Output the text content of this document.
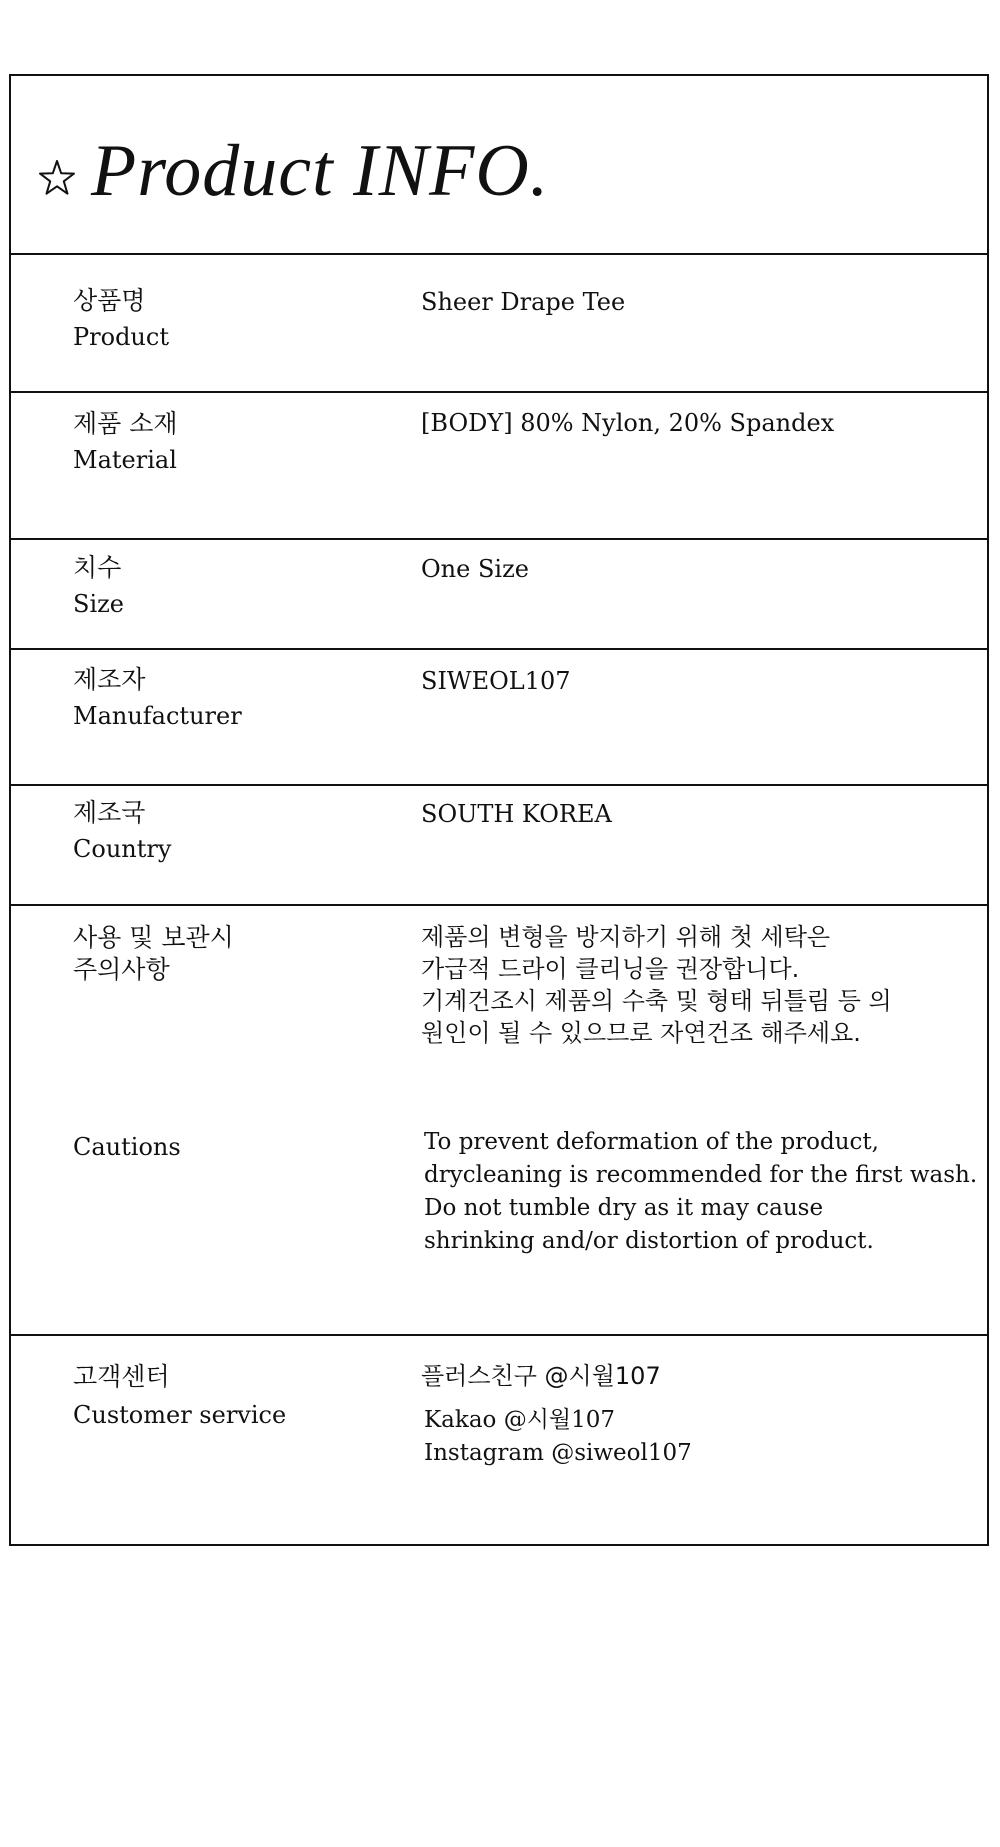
Product INFO.
상품명
Product
Sheer Drape Tee
제품 소재
Material
[BODY] 80% Nylon, 20% Spandex
치수
Size
One Size
제조자
Manufacturer
SIWEOL107
제조국
Country
SOUTH KOREA
사용 및 보관시
주의사항
Cautions
제품의 변형을 방지하기 위해 첫 세탁은
가급적 드라이 클리닝을 권장합니다.
기계건조시 제품의 수축 및 형태 뒤틀림 등 의
원인이 될 수 있으므로 자연건조 해주세요.
To prevent deformation of the product,
drycleaning is recommended for the first wash.
Do not tumble dry as it may cause
shrinking and/or distortion of product.
고객센터
Customer service
플러스친구 @시월107
Kakao @시월107
Instagram @siweol107
